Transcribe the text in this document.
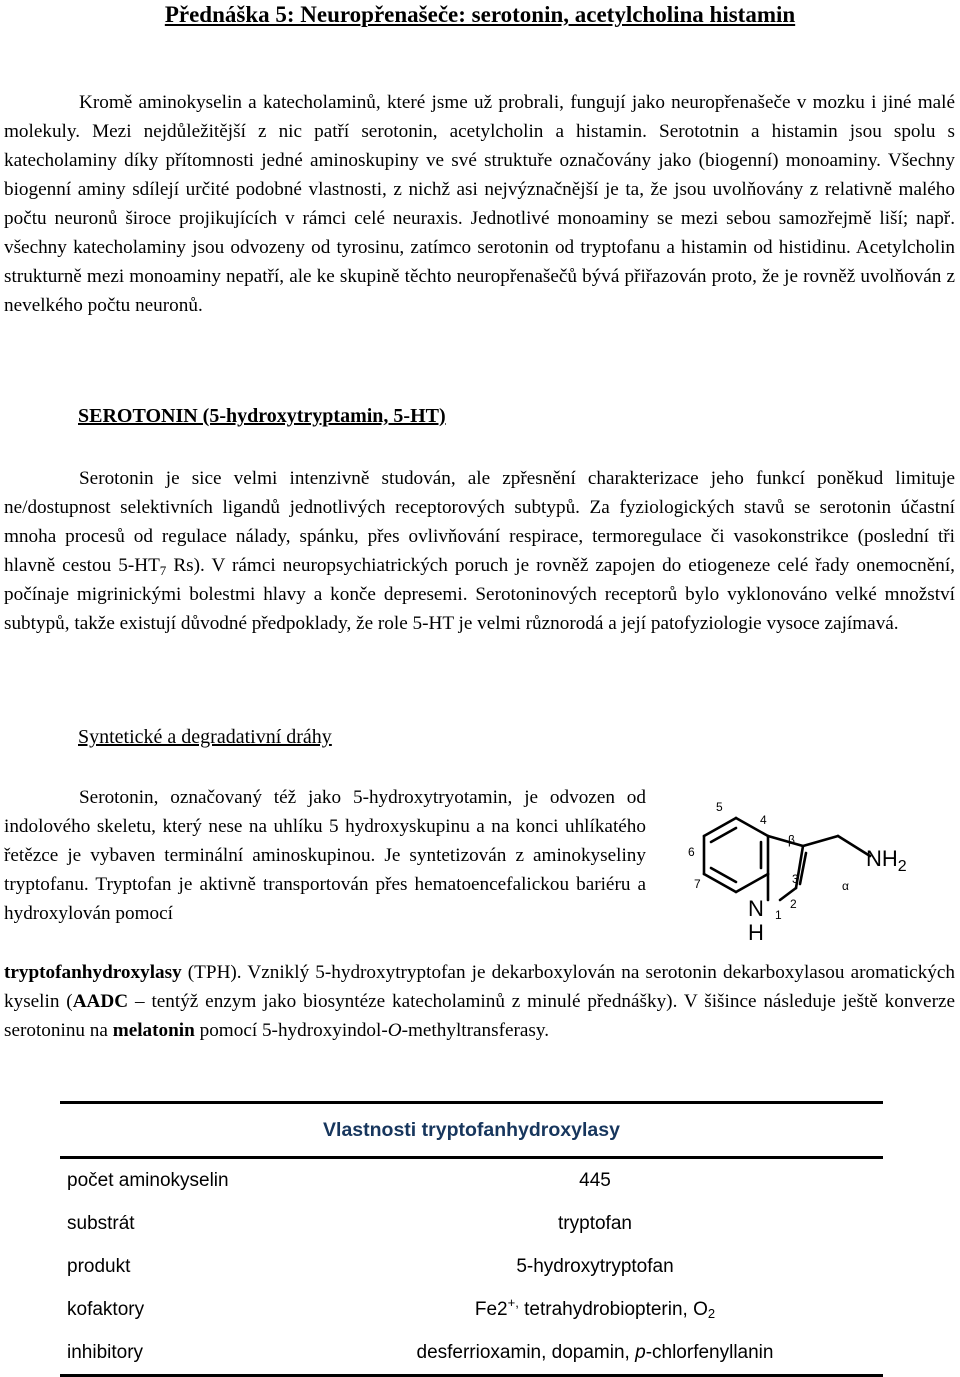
Přednáška 5: Neuropřenašeče: serotonin, acetylcholina histamin

Kromě aminokyselin a katecholaminů, které jsme už probrali, fungují jako neuropřenašeče v mozku i jiné malé molekuly. Mezi nejdůležitější z nic patří serotonin, acetylcholin a histamin. Serototnin a histamin jsou spolu s katecholaminy díky přítomnosti jedné aminoskupiny ve své struktuře označovány jako (biogenní) monoaminy. Všechny biogenní aminy sdílejí určité podobné vlastnosti, z nichž asi nejvýznačnější je ta, že jsou uvolňovány z relativně malého počtu neuronů široce projikujících v rámci celé neuraxis. Jednotlivé monoaminy se mezi sebou samozřejmě liší; např. všechny katecholaminy jsou odvozeny od tyrosinu, zatímco serotonin od tryptofanu a histamin od histidinu. Acetylcholin strukturně mezi monoaminy nepatří, ale ke skupině těchto neuropřenašečů bývá přiřazován proto, že je rovněž uvolňován z nevelkého počtu neuronů.

SEROTONIN (5-hydroxytryptamin, 5-HT)

Serotonin je sice velmi intenzivně studován, ale zpřesnění charakterizace jeho funkcí poněkud limituje ne/dostupnost selektivních ligandů jednotlivých receptorových subtypů. Za fyziologických stavů se serotonin účastní mnoha procesů od regulace nálady, spánku, přes ovlivňování respirace, termoregulace či vasokonstrikce (poslední tři hlavně cestou $5-HT_7$ Rs). V rámci neuropsychiatrických poruch je rovněž zapojen do etiogeneze celé řady onemocnění, počínaje migrinickými bolestmi hlavy a konče depresemi. Serotoninových receptorů bylo vyklonováno velké množství subtypů, takže existují důvodné předpoklady, že role 5-HT je velmi různorodá a její patofyziologie vysoce zajímavá.

Syntetické a degradativní dráhy

Serotonin, označovaný též jako 5-hydroxytryotamin, je odvozen od indolového skeletu, který nese na uhlíku 5 hydroxyskupinu a na konci uhlíkatého řetězce je vybaven terminální aminoskupinou. Je syntetizován z aminokyseliny tryptofanu. Tryptofan je aktivně transportován přes hematoencefalickou bariéru a hydroxylován pomocí

tryptofanhydroxylasy (TPH). Vzniklý 5-hydroxytryptofan je dekarboxylován na serotonin dekarboxylasou aromatických kyselin (AADC – tentýž enzym jako biosyntéze katecholaminů z minulé přednášky). V šišince následuje ještě konverze serotoninu na melatonin pomocí 5-hydroxyindol-O-methyltransferasy.

5
4
6
7	3
2
β
α
1
$NH_2$
N
H
Vlastnosti tryptofanhydroxylasy	
počet aminokyselin	445
substrát	tryptofan
produkt	5-hydroxytryptofan
kofaktory	Fe2+, tetrahydrobiopterin, O2
inhibitory	desferrioxamin, dopamin, p-chlorfenyllanin
